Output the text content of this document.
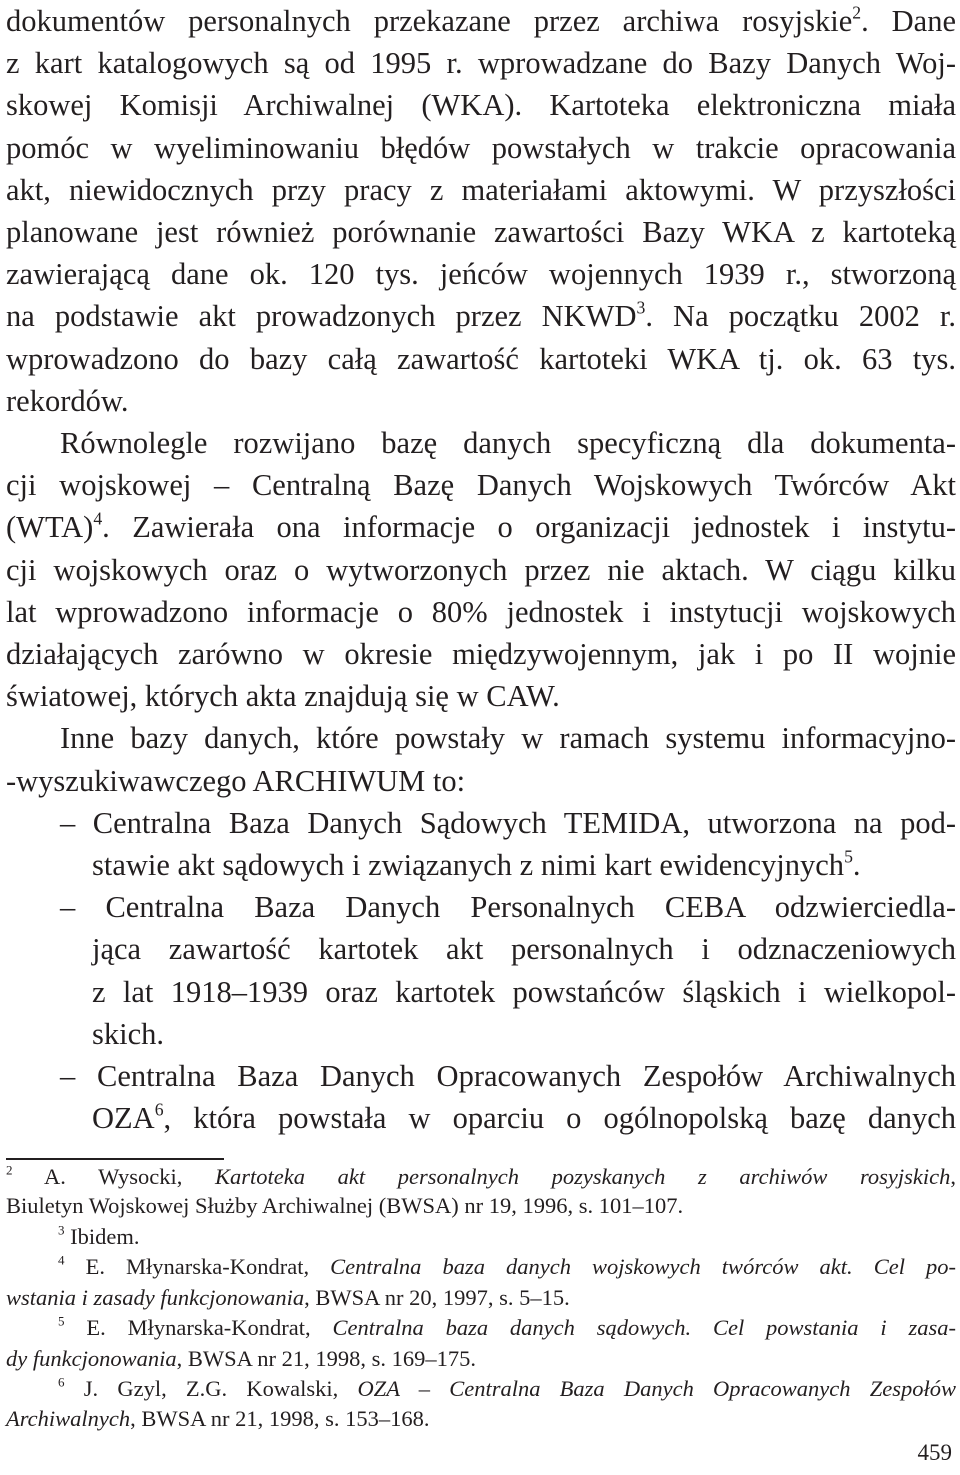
dokumentów personalnych przekazane przez archiwa rosyjskie$^2$. Dane
z kart katalogowych są od 1995 r. wprowadzane do Bazy Danych Woj-
skowej Komisji Archiwalnej (WKA). Kartoteka elektroniczna miała
pomóc w wyeliminowaniu błędów powstałych w trakcie opracowania
akt, niewidocznych przy pracy z materiałami aktowymi. W przyszłości
planowane jest również porównanie zawartości Bazy WKA z kartoteką
zawierającą dane ok. 120 tys. jeńców wojennych 1939 r., stworzoną
na podstawie akt prowadzonych przez NKWD$^3$. Na początku 2002 r.
wprowadzono do bazy całą zawartość kartoteki WKA tj. ok. 63 tys.
rekordów.
Równolegle rozwijano bazę danych specyficzną dla dokumenta-
cji wojskowej – Centralną Bazę Danych Wojskowych Twórców Akt
(WTA)$^4$. Zawierała ona informacje o organizacji jednostek i instytu-
cji wojskowych oraz o wytworzonych przez nie aktach. W ciągu kilku
lat wprowadzono informacje o 80% jednostek i instytucji wojskowych
działających zarówno w okresie międzywojennym, jak i po II wojnie
światowej, których akta znajdują się w CAW.
Inne bazy danych, które powstały w ramach systemu informacyjno-
-wyszukiwawczego ARCHIWUM to:
– Centralna Baza Danych Sądowych TEMIDA, utworzona na pod-
stawie akt sądowych i związanych z nimi kart ewidencyjnych$^5$.
– Centralna Baza Danych Personalnych CEBA odzwierciedla-
jąca zawartość kartotek akt personalnych i odznaczeniowych
z lat 1918–1939 oraz kartotek powstańców śląskich i wielkopol-
skich.
– Centralna Baza Danych Opracowanych Zespołów Archiwalnych
OZA$^6$, która powstała w oparciu o ogólnopolską bazę danych
$^2$ A. Wysocki, Kartoteka akt personalnych pozyskanych z archiwów rosyjskich,
Biuletyn Wojskowej Służby Archiwalnej (BWSA) nr 19, 1996, s. 101–107.
$^3$ Ibidem.
$^4$ E. Młynarska-Kondrat, Centralna baza danych wojskowych twórców akt. Cel po-
wstania i zasady funkcjonowania, BWSA nr 20, 1997, s. 5–15.
$^5$ E. Młynarska-Kondrat, Centralna baza danych sądowych. Cel powstania i zasa-
dy funkcjonowania, BWSA nr 21, 1998, s. 169–175.
$^6$ J. Gzyl, Z.G. Kowalski, OZA – Centralna Baza Danych Opracowanych Zespołów
Archiwalnych, BWSA nr 21, 1998, s. 153–168.
459
